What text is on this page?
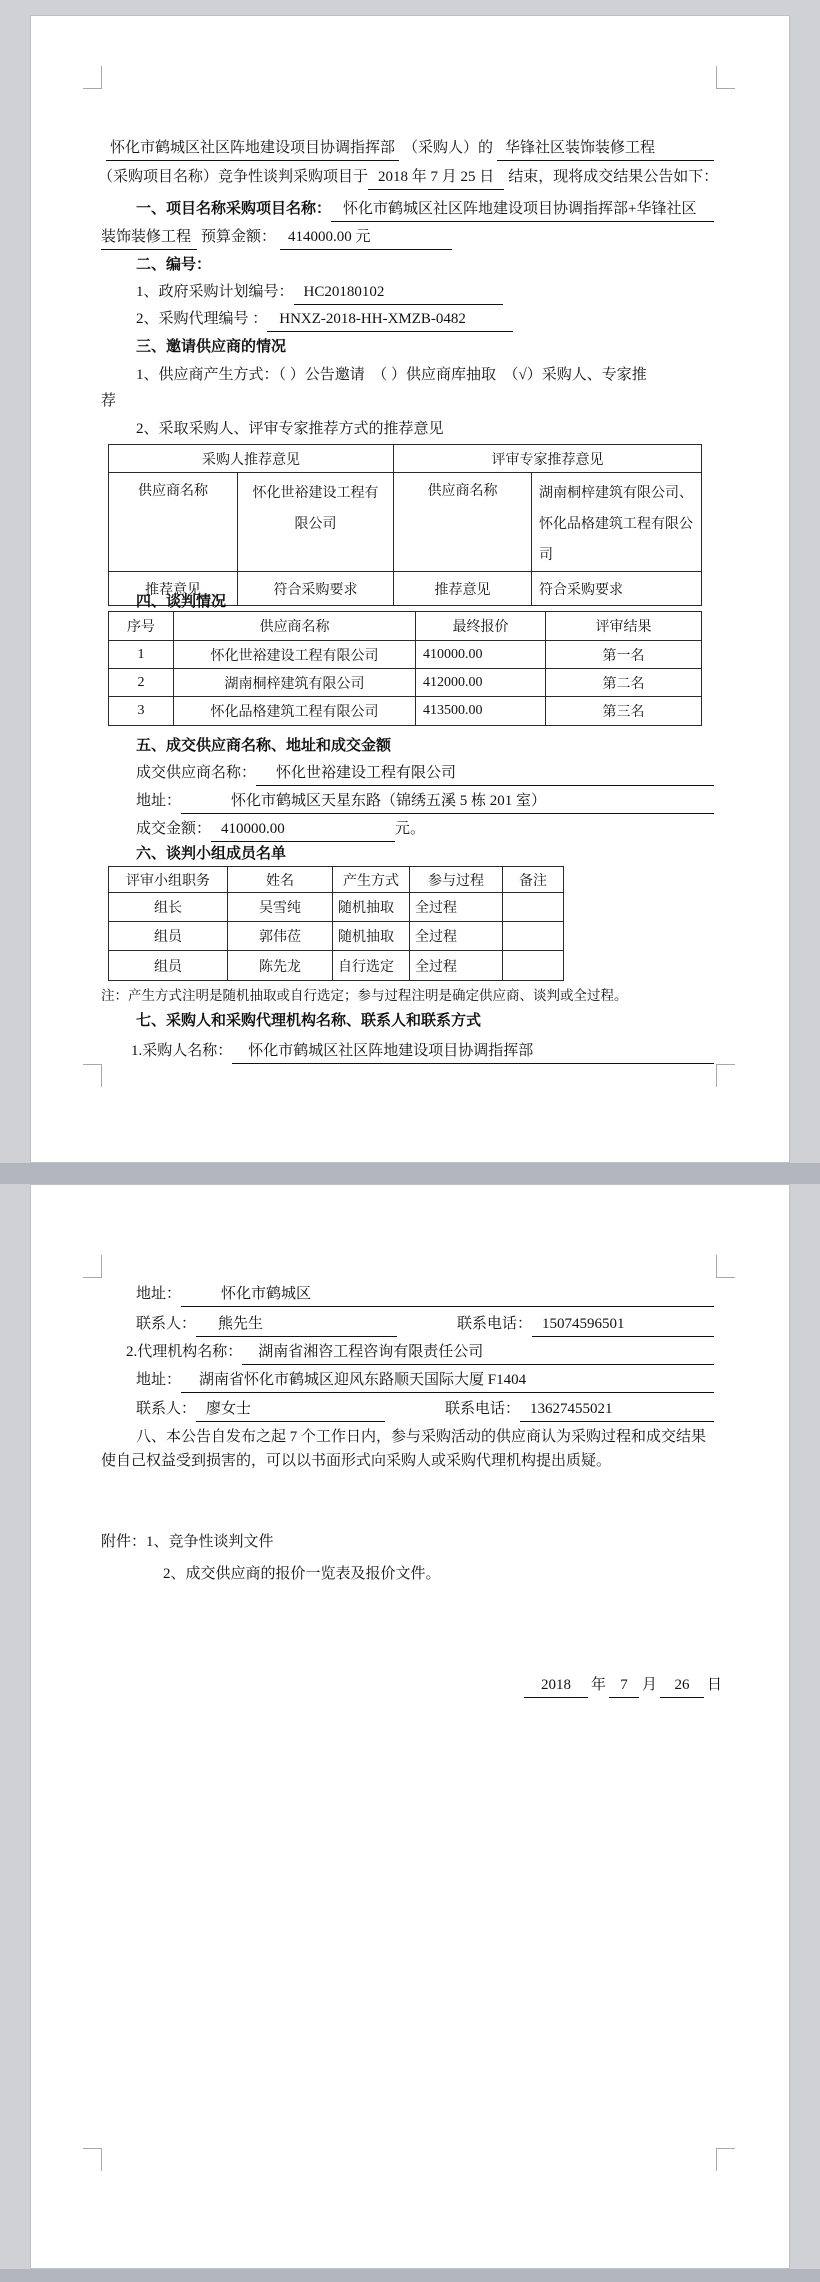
怀化市鹤城区社区阵地建设项目协调指挥部 （采购人）的 华锋社区装饰装修工程
（采购项目名称）竞争性谈判采购项目于 2018 年 7 月 25 日 结束，现将成交结果公告如下：
一、项目名称采购项目名称： 怀化市鹤城区社区阵地建设项目协调指挥部+华锋社区
装饰装修工程 预算金额： 414000.00 元
二、编号：
1、政府采购计划编号： HC20180102
2、采购代理编号 ： HNXZ-2018-HH-XMZB-0482
三、邀请供应商的情况
1、供应商产生方式：（ ）公告邀请　（ ）供应商库抽取　（√）采购人、专家推
荐
2、采取采购人、评审专家推荐方式的推荐意见
采购人推荐意见		评审专家推荐意见	
供应商名称	怀化世裕建设工程有限公司	供应商名称	湖南桐梓建筑有限公司、怀化品格建筑工程有限公司
推荐意见	符合采购要求	推荐意见	符合采购要求
四、谈判情况
序号	供应商名称	最终报价	评审结果
1	怀化世裕建设工程有限公司	410000.00	第一名
2	湖南桐梓建筑有限公司	412000.00	第二名
3	怀化品格建筑工程有限公司	413500.00	第三名
五、成交供应商名称、地址和成交金额
成交供应商名称：	怀化世裕建设工程有限公司
地址：	怀化市鹤城区天星东路（锦绣五溪 5 栋 201 室）
成交金额： 410000.00	元。
六、谈判小组成员名单
评审小组职务	姓名	产生方式	参与过程	备注
组长	吴雪纯	随机抽取	全过程	
组员	郭伟莅	随机抽取	全过程	
组员	陈先龙	自行选定	全过程	
注：产生方式注明是随机抽取或自行选定；参与过程注明是确定供应商、谈判或全过程。
七、采购人和采购代理机构名称、联系人和联系方式
1.采购人名称：	怀化市鹤城区社区阵地建设项目协调指挥部
地址：	怀化市鹤城区
联系人：	熊先生	联系电话： 15074596501
2.代理机构名称：	湖南省湘咨工程咨询有限责任公司
地址：	湖南省怀化市鹤城区迎风东路顺天国际大厦 F1404
联系人： 廖女士	联系电话： 13627455021
八、本公告自发布之起 7 个工作日内，参与采购活动的供应商认为采购过程和成交结果
使自己权益受到损害的，可以以书面形式向采购人或采购代理机构提出质疑。
附件：1、竞争性谈判文件
2、成交供应商的报价一览表及报价文件。
2018	年 7 月	26	日
